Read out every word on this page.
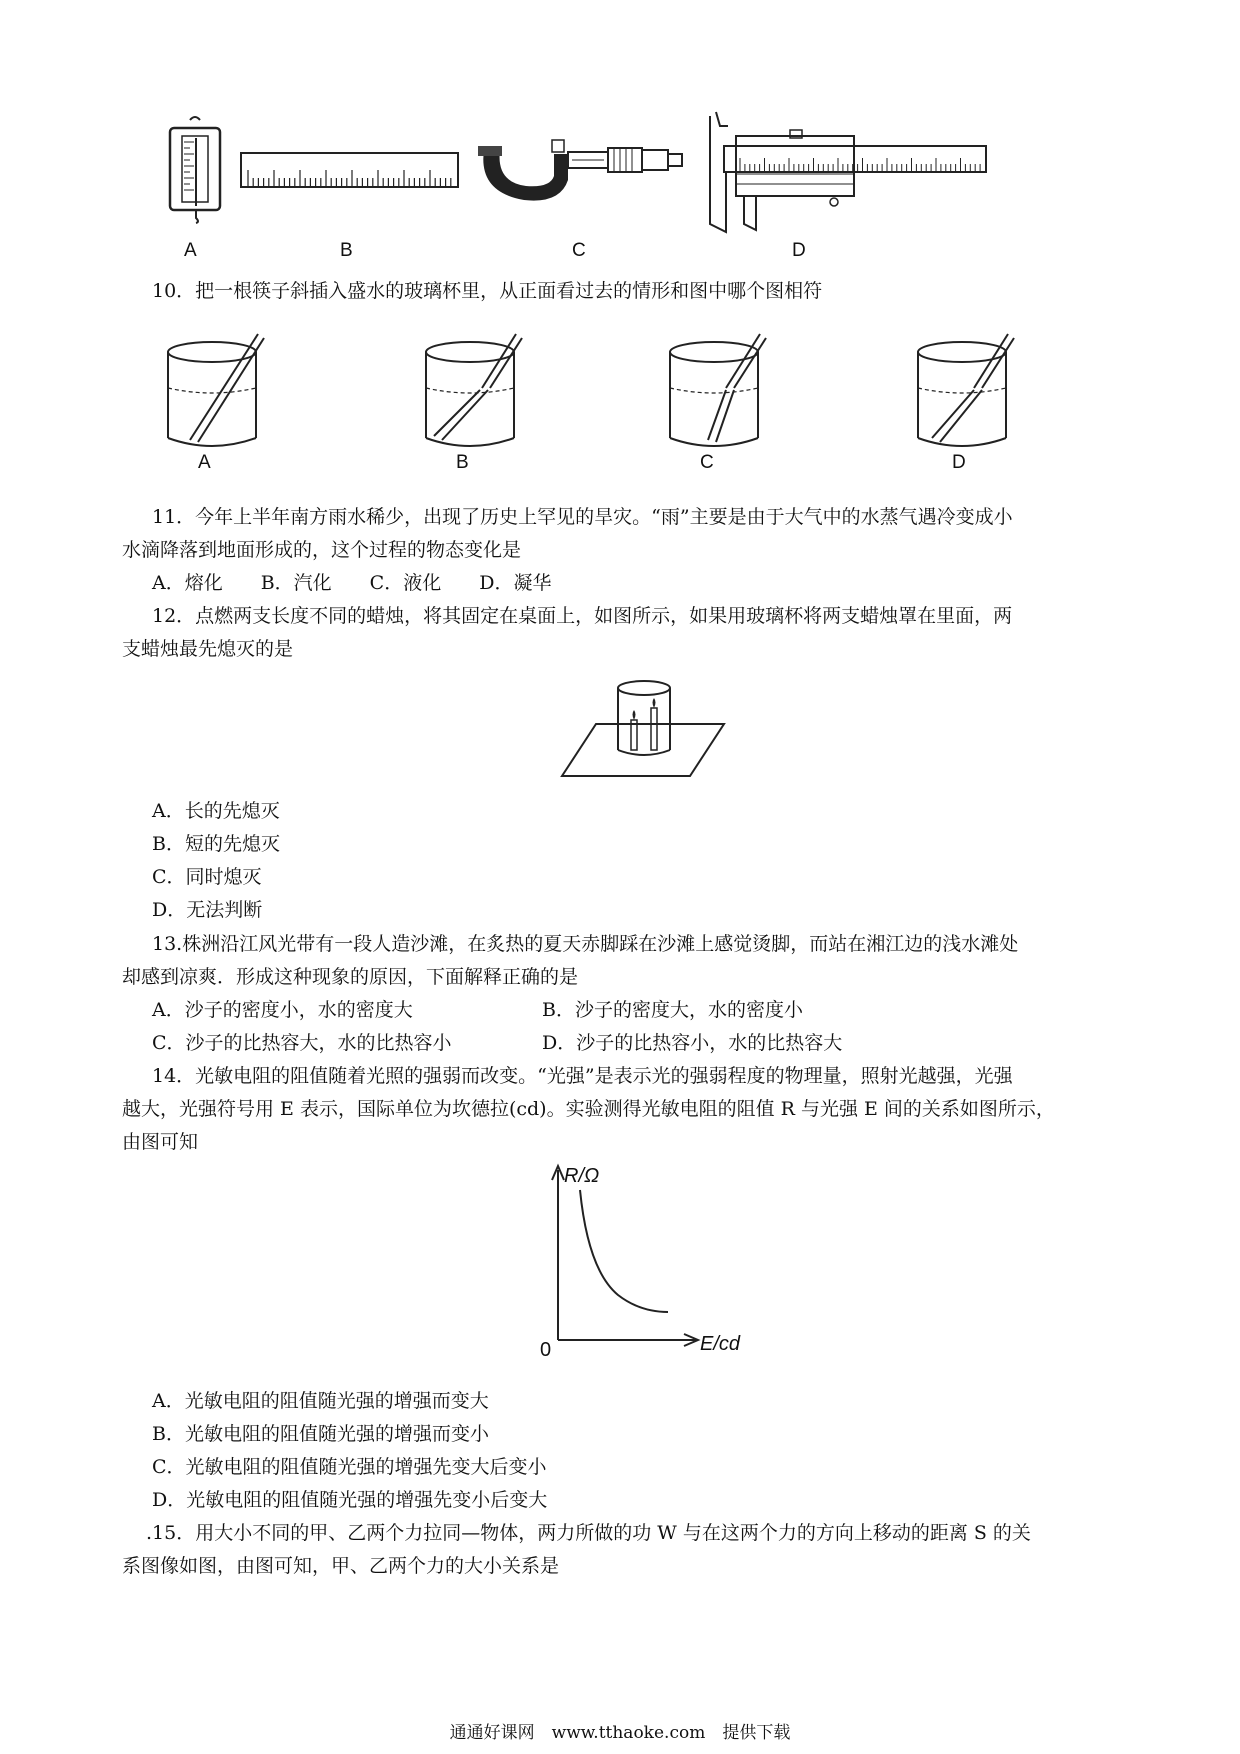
A	B	C	D
10．把一根筷子斜插入盛水的玻璃杯里，从正面看过去的情形和图中哪个图相符
A	B	C	D
11．今年上半年南方雨水稀少，出现了历史上罕见的旱灾。“雨”主要是由于大气中的水蒸气遇冷变成小
水滴降落到地面形成的，这个过程的物态变化是
A．熔化　　B．汽化　　C．液化　　D．凝华
12．点燃两支长度不同的蜡烛，将其固定在桌面上，如图所示，如果用玻璃杯将两支蜡烛罩在里面，两
支蜡烛最先熄灭的是
A．长的先熄灭
B．短的先熄灭
C．同时熄灭
D．无法判断
13.株洲沿江风光带有一段人造沙滩，在炙热的夏天赤脚踩在沙滩上感觉烫脚，而站在湘江边的浅水滩处
却感到凉爽．形成这种现象的原因，下面解释正确的是
A．沙子的密度小，水的密度大	B．沙子的密度大，水的密度小
C．沙子的比热容大，水的比热容小	D．沙子的比热容小，水的比热容大
14．光敏电阻的阻值随着光照的强弱而改变。“光强”是表示光的强弱程度的物理量，照射光越强，光强
越大，光强符号用 E 表示，国际单位为坎德拉(cd)。实验测得光敏电阻的阻值 R 与光强 E 间的关系如图所示，
由图可知
R/Ω
E/cd
0
A．光敏电阻的阻值随光强的增强而变大
B．光敏电阻的阻值随光强的增强而变小
C．光敏电阻的阻值随光强的增强先变大后变小
D．光敏电阻的阻值随光强的增强先变小后变大
.15．用大小不同的甲、乙两个力拉同—物体，两力所做的功 W 与在这两个力的方向上移动的距离 S 的关
系图像如图，由图可知，甲、乙两个力的大小关系是
通通好课网　www.tthaoke.com　提供下载
